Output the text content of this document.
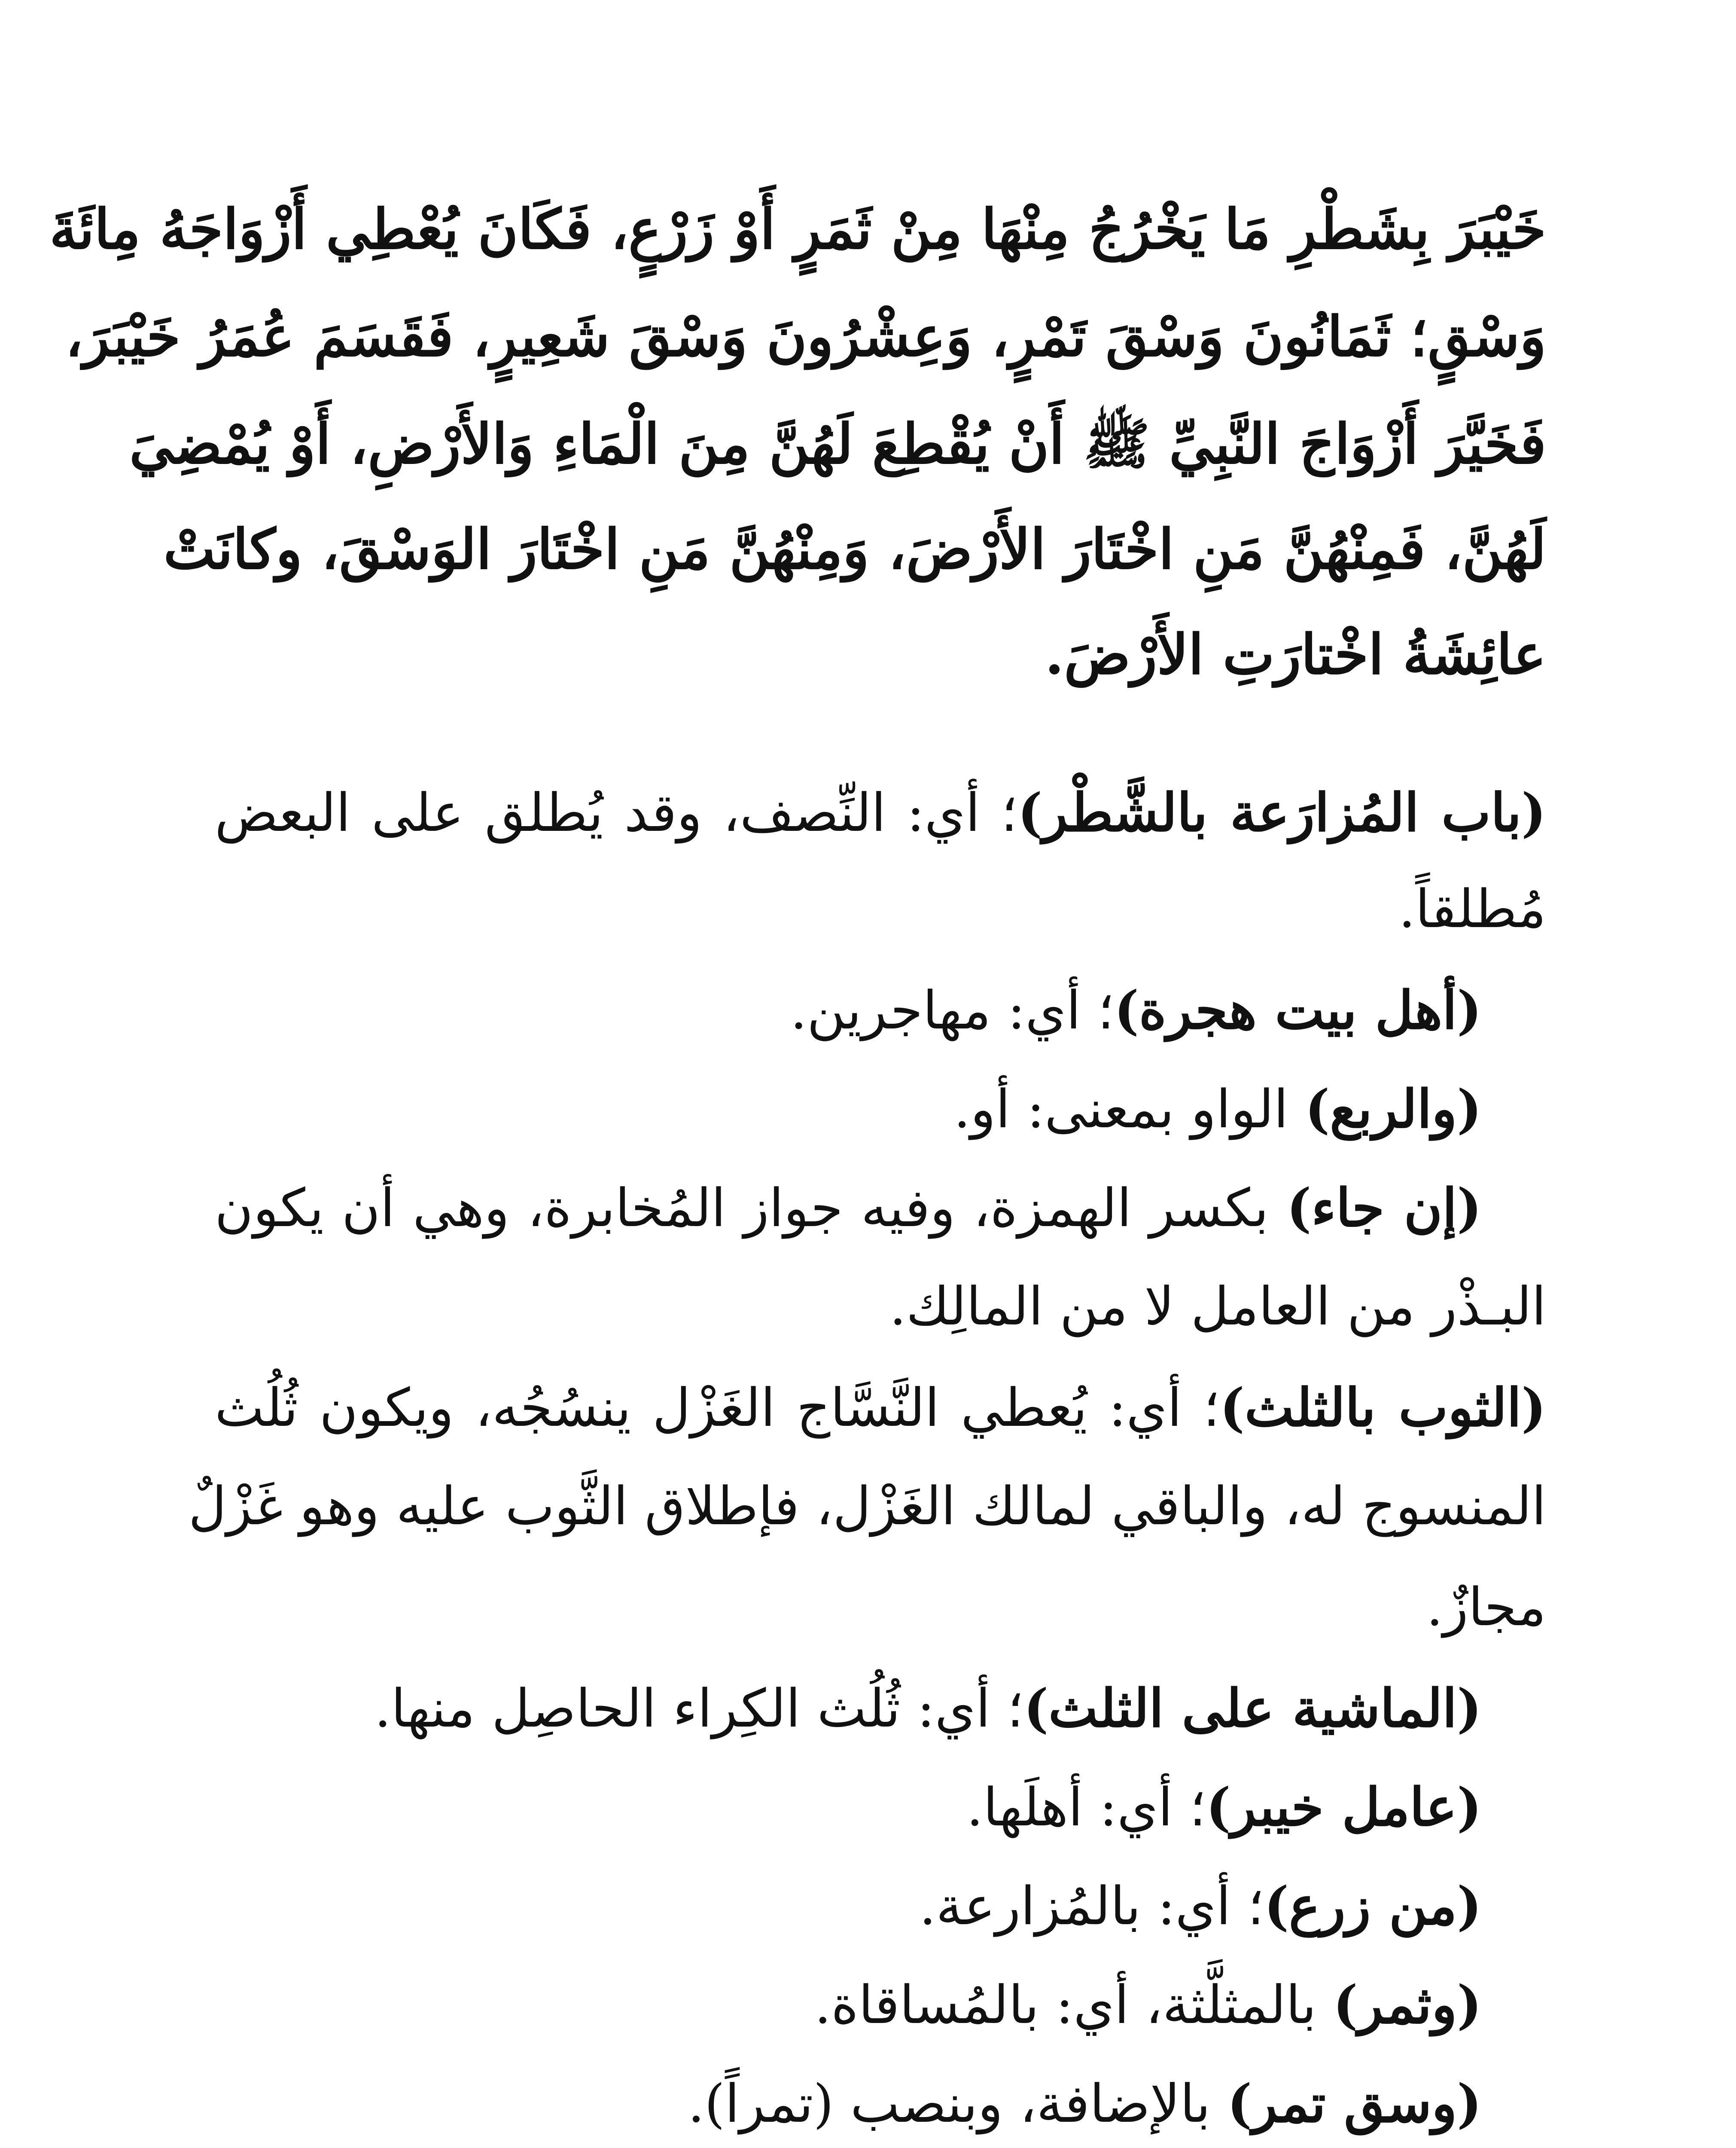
خَيْبَرَ بِشَطْرِ مَا يَخْرُجُ مِنْهَا مِنْ ثَمَرٍ أَوْ زَرْعٍ، فَكَانَ يُعْطِي أَزْوَاجَهُ مِائَةَ
وَسْقٍ؛ ثَمَانُونَ وَسْقَ تَمْرٍ، وَعِشْرُونَ وَسْقَ شَعِيرٍ، فَقَسَمَ عُمَرُ خَيْبَرَ،
فَخَيَّرَ أَزْوَاجَ النَّبِيِّ ﷺ أَنْ يُقْطِعَ لَهُنَّ مِنَ الْمَاءِ وَالأَرْضِ، أَوْ يُمْضِيَ
لَهُنَّ، فَمِنْهُنَّ مَنِ اخْتَارَ الأَرْضَ، وَمِنْهُنَّ مَنِ اخْتَارَ الوَسْقَ، وكانَتْ
عائِشَةُ اخْتارَتِ الأَرْضَ.
(باب المُزارَعة بالشَّطْر)؛ أي: النِّصف، وقد يُطلق على البعض
مُطلقاً.
(أهل بيت هجرة)؛ أي: مهاجرين.
(والربع) الواو بمعنى: أو.
(إن جاء) بكسر الهمزة، وفيه جواز المُخابرة، وهي أن يكون
البـذْر من العامل لا من المالِك.
(الثوب بالثلث)؛ أي: يُعطي النَّسَّاج الغَزْل ينسُجُه، ويكون ثُلُث
المنسوج له، والباقي لمالك الغَزْل، فإطلاق الثَّوب عليه وهو غَزْلٌ
مجازٌ.
(الماشية على الثلث)؛ أي: ثُلُث الكِراء الحاصِل منها.
(عامل خيبر)؛ أي: أهلَها.
(من زرع)؛ أي: بالمُزارعة.
(وثمر) بالمثلَّثة، أي: بالمُساقاة.
(وسق تمر) بالإضافة، وبنصب (تمراً).
